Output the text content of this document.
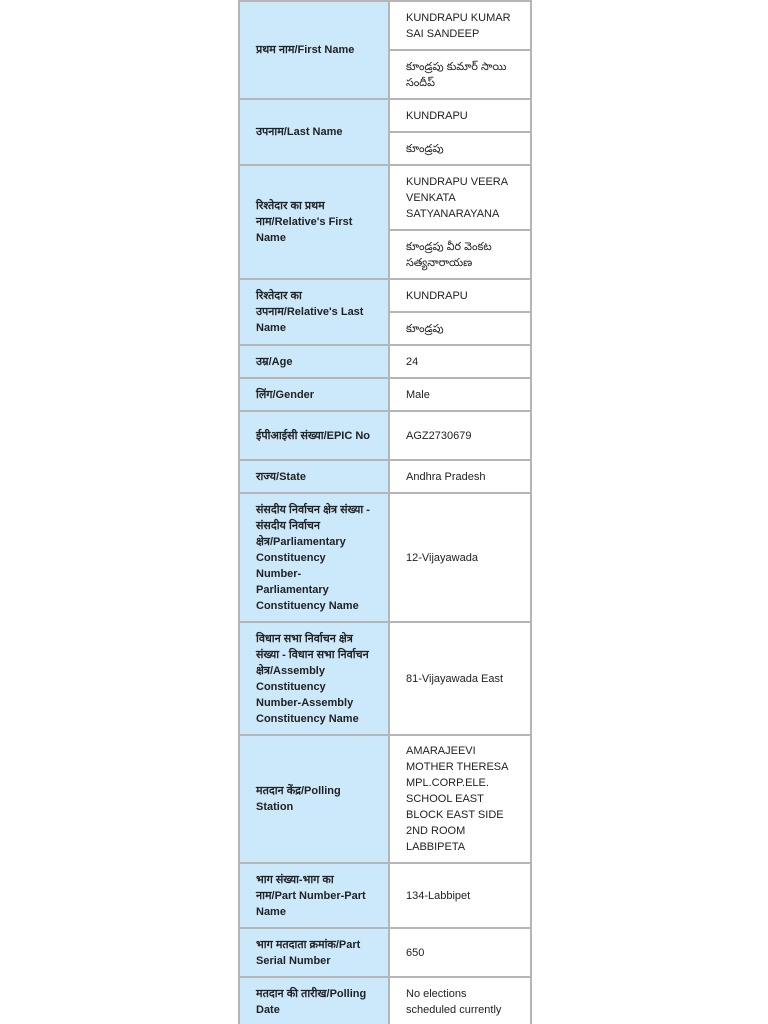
प्रथम नाम/First Name	KUNDRAPU KUMAR SAI SANDEEP
	కూండ్రపు కుమార్ సాయి సందీప్
उपनाम/Last Name	KUNDRAPU
	కూండ్రపు
रिश्तेदार का प्रथम नाम/Relative's First Name	KUNDRAPU VEERA VENKATA SATYANARAYANA
	కూండ్రపు వీర వెంకట సత్యనారాయణ
रिश्तेदार का उपनाम/Relative's Last Name	KUNDRAPU
	కూండ్రపు
उम्र/Age	24
लिंग/Gender	Male
ईपीआईसी संख्या/EPIC No	AGZ2730679
राज्य/State	Andhra Pradesh
संसदीय निर्वाचन क्षेत्र संख्या - संसदीय निर्वाचन क्षेत्र/Parliamentary Constituency Number-Parliamentary Constituency Name	12-Vijayawada
विधान सभा निर्वाचन क्षेत्र संख्या - विधान सभा निर्वाचन क्षेत्र/Assembly Constituency Number-Assembly Constituency Name	81-Vijayawada East
मतदान केंद्र/Polling Station	AMARAJEEVI MOTHER THERESA MPL.CORP.ELE. SCHOOL EAST BLOCK EAST SIDE 2ND ROOM LABBIPETA
भाग संख्या-भाग का नाम/Part Number-Part Name	134-Labbipet
भाग मतदाता क्रमांक/Part Serial Number	650
मतदान की तारीख/Polling Date	No elections scheduled currently
